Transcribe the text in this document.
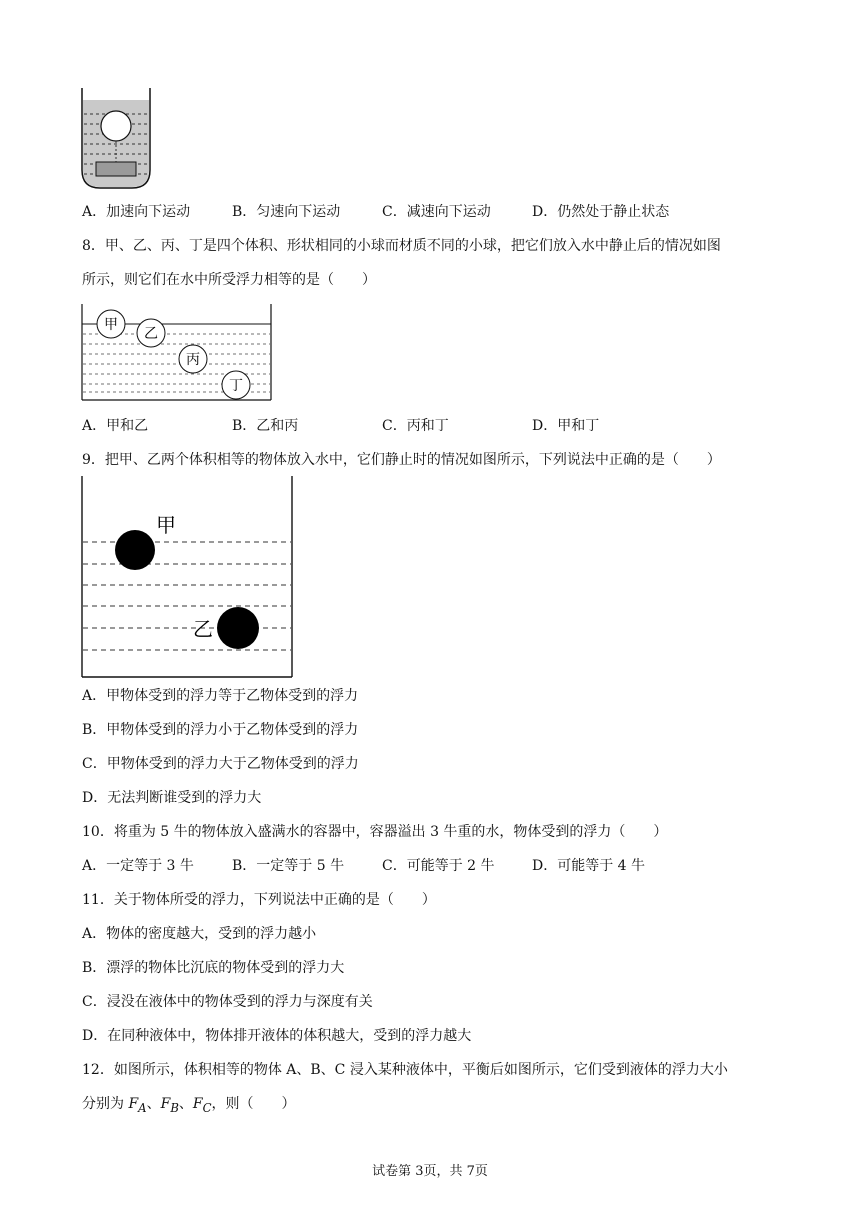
A．加速向下运动	B．匀速向下运动	C．减速向下运动	D．仍然处于静止状态
8．甲、乙、丙、丁是四个体积、形状相同的小球而材质不同的小球，把它们放入水中静止后的情况如图
所示，则它们在水中所受浮力相等的是（　　）
甲
乙
丙
丁
A．甲和乙	B．乙和丙	C．丙和丁	D．甲和丁
9．把甲、乙两个体积相等的物体放入水中，它们静止时的情况如图所示，下列说法中正确的是（　　）
甲
乙
A．甲物体受到的浮力等于乙物体受到的浮力
B．甲物体受到的浮力小于乙物体受到的浮力
C．甲物体受到的浮力大于乙物体受到的浮力
D．无法判断谁受到的浮力大
10．将重为 5 牛的物体放入盛满水的容器中，容器溢出 3 牛重的水，物体受到的浮力（　　）
A．一定等于 3 牛	B．一定等于 5 牛	C．可能等于 2 牛	D．可能等于 4 牛
11．关于物体所受的浮力，下列说法中正确的是（　　）
A．物体的密度越大，受到的浮力越小
B．漂浮的物体比沉底的物体受到的浮力大
C．浸没在液体中的物体受到的浮力与深度有关
D．在同种液体中，物体排开液体的体积越大，受到的浮力越大
12．如图所示，体积相等的物体 A、B、C 浸入某种液体中，平衡后如图所示，它们受到液体的浮力大小
分别为 $F_A$、$F_B$、$F_C$，则（　　）
试卷第 3页，共 7页
